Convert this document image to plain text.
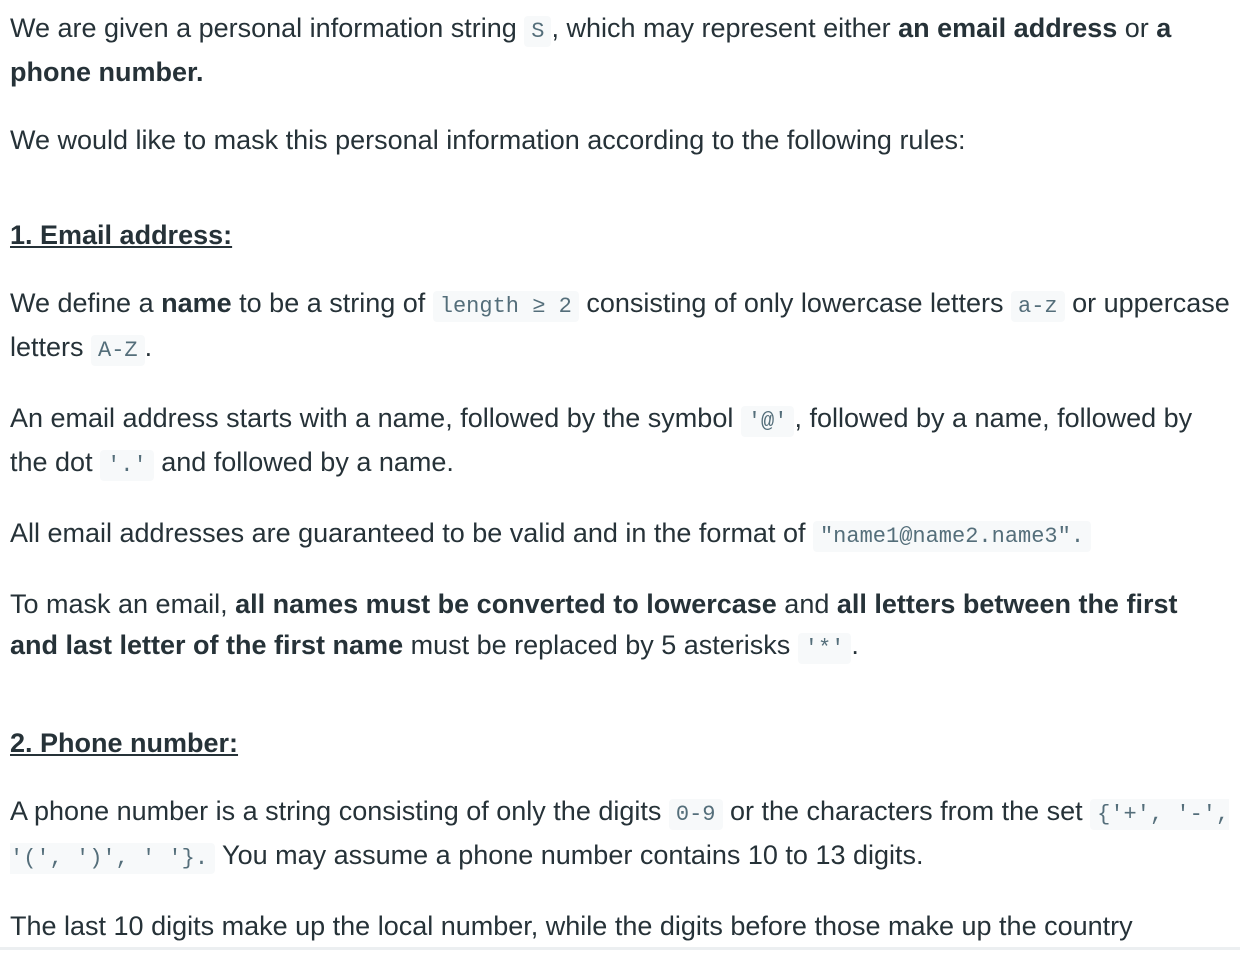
We are given a personal information string S , which may represent either an email address or a phone number.

We would like to mask this personal information according to the following rules:

1. Email address:

We define a name to be a string of length ≥ 2 consisting of only lowercase letters a-z or uppercase letters A-Z .

An email address starts with a name, followed by the symbol '@' , followed by a name, followed by the dot '.' and followed by a name.

All email addresses are guaranteed to be valid and in the format of "name1@name2.name3".

To mask an email, all names must be converted to lowercase and all letters between the first and last letter of the first name must be replaced by 5 asterisks '*' .

2. Phone number:

A phone number is a string consisting of only the digits 0-9 or the characters from the set {'+', '-', '(', ')', ' '}. You may assume a phone number contains 10 to 13 digits.

The last 10 digits make up the local number, while the digits before those make up the country
